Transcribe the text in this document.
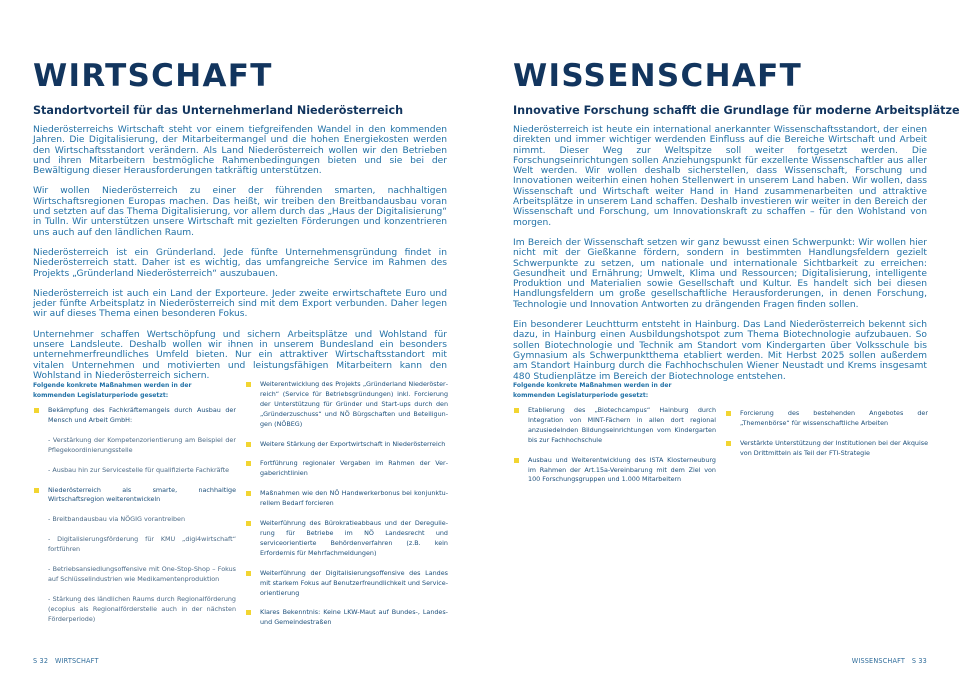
WIRTSCHAFT
Standortvorteil für das Unternehmerland Niederösterreich

Niederösterreichs Wirtschaft steht vor einem tiefgreifenden Wandel in den kommenden Jahren. Die Digitalisierung, der Mitarbeitermangel und die hohen Energiekosten werden den Wirtschaftsstandort verändern. Als Land Niederösterreich wollen wir den Betrieben und ihren Mitarbeitern bestmögliche Rahmenbedingungen bieten und sie bei der Bewältigung dieser Herausforderungen tatkräftig unterstützen.

Wir wollen Niederösterreich zu einer der führenden smarten, nachhaltigen Wirtschaftsregionen Europas machen. Das heißt, wir treiben den Breitbandausbau voran und setzten auf das Thema Digitalisierung, vor allem durch das „Haus der Digitalisierung“ in Tulln. Wir unterstützen unsere Wirtschaft mit gezielten Förderungen und konzentrieren uns auch auf den ländlichen Raum.

Niederösterreich ist ein Gründerland. Jede fünfte Unternehmensgründung findet in Niederösterreich statt. Daher ist es wichtig, das umfangreiche Service im Rahmen des Projekts „Gründerland Niederösterreich“ auszubauen.

Niederösterreich ist auch ein Land der Exporteure. Jeder zweite erwirtschaftete Euro und jeder fünfte Arbeitsplatz in Niederösterreich sind mit dem Export verbunden. Daher legen wir auf dieses Thema einen besonderen Fokus.

Unternehmer schaffen Wertschöpfung und sichern Arbeitsplätze und Wohlstand für unsere Landsleute. Deshalb wollen wir ihnen in unserem Bundesland ein besonders unternehmerfreundliches Umfeld bieten. Nur ein attraktiver Wirtschaftsstandort mit vitalen Unternehmen und motivierten und leistungsfähigen Mitarbeitern kann den Wohlstand in Niederösterreich sichern.

Folgende konkrete Maßnahmen werden in der kommenden Legislaturperiode gesetzt:

Bekämpfung des Fachkräftemangels durch Ausbau der Mensch und Arbeit GmbH:

- Verstärkung der Kompetenzorientierung am Beispiel der Pflegekoordinierungsstelle

- Ausbau hin zur Servicestelle für qualifizierte Fachkräfte

Niederösterreich als smarte, nachhaltige Wirtschaftsregion weiterentwickeln

- Breitbandausbau via NÖGIG vorantreiben

- Digitalisierungsförderung für KMU „digi4wirtschaft“ fortführen

- Betriebsansiedlungsoffensive mit One-Stop-Shop – Fokus auf Schlüsselindustrien wie Medikamentenproduktion

- Stärkung des ländlichen Raums durch Regionalförderung (ecoplus als Regionalförderstelle auch in der nächsten Förderperiode)

Weiterentwicklung des Projekts „Gründerland Niederösterreich“ (Service für Betriebsgründungen) inkl. Forcierung der Unterstützung für Gründer und Start-ups durch den „Gründerzuschuss“ und NÖ Bürgschaften und Beteiligungen (NÖBEG)

Weitere Stärkung der Exportwirtschaft in Niederösterreich

Fortführung regionaler Vergaben im Rahmen der Vergaberichtlinien

Maßnahmen wie den NÖ Handwerkerbonus bei konjunkturellem Bedarf forcieren

Weiterführung des Bürokratieabbaus und der Deregulierung für Betriebe im NÖ Landesrecht und serviceorientierte Behördenverfahren (z.B. kein Erfordernis für Mehrfachmeldungen)

Weiterführung der Digitalisierungsoffensive des Landes mit starkem Fokus auf Benutzerfreundlichkeit und Serviceorientierung

Klares Bekenntnis: Keine LKW-Maut auf Bundes-, Landes- und Gemeindestraßen

S 32 WIRTSCHAFT
WISSENSCHAFT
Innovative Forschung schafft die Grundlage für moderne Arbeitsplätze

Niederösterreich ist heute ein international anerkannter Wissenschaftsstandort, der einen direkten und immer wichtiger werdenden Einfluss auf die Bereiche Wirtschaft und Arbeit nimmt. Dieser Weg zur Weltspitze soll weiter fortgesetzt werden. Die Forschungseinrichtungen sollen Anziehungspunkt für exzellente Wissenschaftler aus aller Welt werden. Wir wollen deshalb sicherstellen, dass Wissenschaft, Forschung und Innovationen weiterhin einen hohen Stellenwert in unserem Land haben. Wir wollen, dass Wissenschaft und Wirtschaft weiter Hand in Hand zusammenarbeiten und attraktive Arbeitsplätze in unserem Land schaffen. Deshalb investieren wir weiter in den Bereich der Wissenschaft und Forschung, um Innovationskraft zu schaffen – für den Wohlstand von morgen.

Im Bereich der Wissenschaft setzen wir ganz bewusst einen Schwerpunkt: Wir wollen hier nicht mit der Gießkanne fördern, sondern in bestimmten Handlungsfeldern gezielt Schwerpunkte zu setzen, um nationale und internationale Sichtbarkeit zu erreichen: Gesundheit und Ernährung; Umwelt, Klima und Ressourcen; Digitalisierung, intelligente Produktion und Materialien sowie Gesellschaft und Kultur. Es handelt sich bei diesen Handlungsfeldern um große gesellschaftliche Herausforderungen, in denen Forschung, Technologie und Innovation Antworten zu drängenden Fragen finden sollen.

Ein besonderer Leuchtturm entsteht in Hainburg. Das Land Niederösterreich bekennt sich dazu, in Hainburg einen Ausbildungshotspot zum Thema Biotechnologie aufzubauen. So sollen Biotechnologie und Technik am Standort vom Kindergarten über Volksschule bis Gymnasium als Schwerpunktthema etabliert werden. Mit Herbst 2025 sollen außerdem am Standort Hainburg durch die Fachhochschulen Wiener Neustadt und Krems insgesamt 480 Studienplätze im Bereich der Biotechnologe entstehen.

Folgende konkrete Maßnahmen werden in der kommenden Legislaturperiode gesetzt:

Etablierung des „Biotechcampus“ Hainburg durch Integration von MINT-Fächern in allen dort regional anzusiedelnden Bildungseinrichtungen vom Kindergarten bis zur Fachhochschule

Ausbau und Weiterentwicklung des ISTA Klosterneuburg im Rahmen der Art.15a-Vereinbarung mit dem Ziel von 100 Forschungsgruppen und 1.000 Mitarbeitern

Forcierung des bestehenden Angebotes der „Themenbörse“ für wissenschaftliche Arbeiten

Verstärkte Unterstützung der Institutionen bei der Akquise von Drittmitteln als Teil der FTI-Strategie

WISSENSCHAFT S 33
